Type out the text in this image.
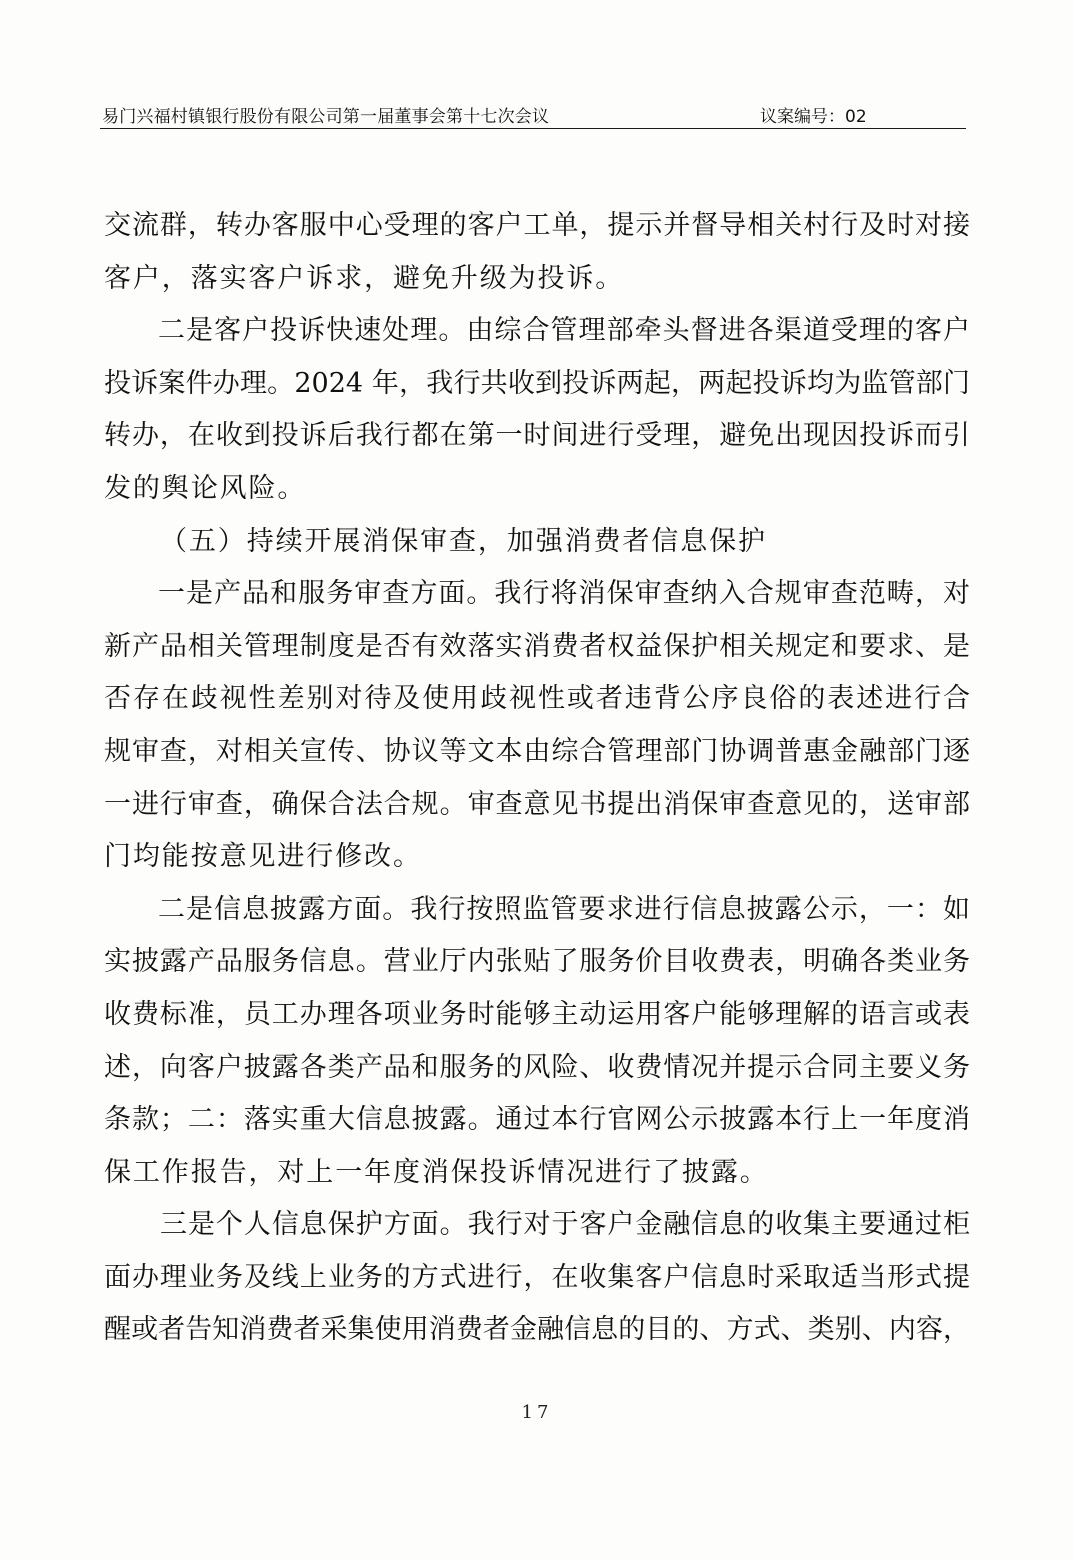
易门兴福村镇银行股份有限公司第一届董事会第十七次会议	议案编号：02
交流群，转办客服中心受理的客户工单，提示并督导相关村行及时对接
客户，落实客户诉求，避免升级为投诉。
二是客户投诉快速处理。由综合管理部牵头督进各渠道受理的客户
投诉案件办理。2024 年，我行共收到投诉两起，两起投诉均为监管部门
转办，在收到投诉后我行都在第一时间进行受理，避免出现因投诉而引
发的舆论风险。
（五）持续开展消保审查，加强消费者信息保护
一是产品和服务审查方面。我行将消保审查纳入合规审查范畴，对
新产品相关管理制度是否有效落实消费者权益保护相关规定和要求、是
否存在歧视性差别对待及使用歧视性或者违背公序良俗的表述进行合
规审查，对相关宣传、协议等文本由综合管理部门协调普惠金融部门逐
一进行审查，确保合法合规。审查意见书提出消保审查意见的，送审部
门均能按意见进行修改。
二是信息披露方面。我行按照监管要求进行信息披露公示，一：如
实披露产品服务信息。营业厅内张贴了服务价目收费表，明确各类业务
收费标准，员工办理各项业务时能够主动运用客户能够理解的语言或表
述，向客户披露各类产品和服务的风险、收费情况并提示合同主要义务
条款；二：落实重大信息披露。通过本行官网公示披露本行上一年度消
保工作报告，对上一年度消保投诉情况进行了披露。
三是个人信息保护方面。我行对于客户金融信息的收集主要通过柜
面办理业务及线上业务的方式进行，在收集客户信息时采取适当形式提
醒或者告知消费者采集使用消费者金融信息的目的、方式、类别、内容，
17
